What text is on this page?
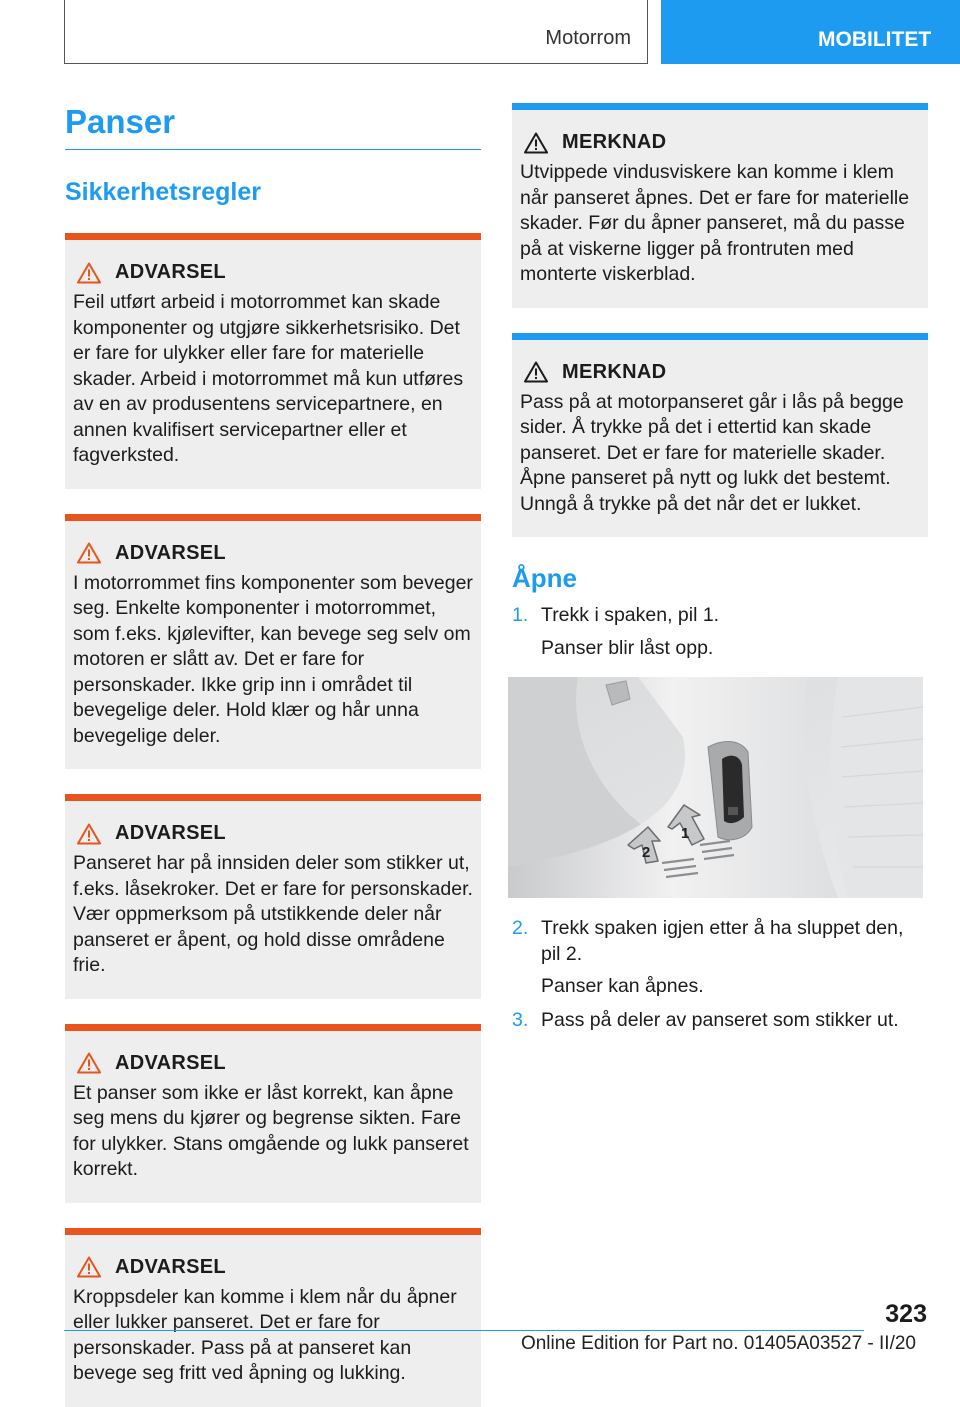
Motorrom	MOBILITET
Panser
Sikkerhetsregler
ADVARSEL
Feil utført arbeid i motorrommet kan skade komponenter og utgjøre sikkerhetsrisiko. Det er fare for ulykker eller fare for materielle skader. Arbeid i motorrommet må kun utføres av en av produsentens servicepartnere, en annen kvalifisert servicepartner eller et fagverksted.
ADVARSEL
I motorrommet fins komponenter som beveger seg. Enkelte komponenter i motorrommet, som f.eks. kjølevifter, kan bevege seg selv om motoren er slått av. Det er fare for personskader. Ikke grip inn i området til bevegelige deler. Hold klær og hår unna bevegelige deler.
ADVARSEL
Panseret har på innsiden deler som stikker ut, f.eks. låsekroker. Det er fare for personskader. Vær oppmerksom på utstikkende deler når panseret er åpent, og hold disse områdene frie.
ADVARSEL
Et panser som ikke er låst korrekt, kan åpne seg mens du kjører og begrense sikten. Fare for ulykker. Stans omgående og lukk panseret korrekt.
ADVARSEL
Kroppsdeler kan komme i klem når du åpner eller lukker panseret. Det er fare for personskader. Pass på at panseret kan bevege seg fritt ved åpning og lukking.
MERKNAD
Utvippede vindusviskere kan komme i klem når panseret åpnes. Det er fare for materielle skader. Før du åpner panseret, må du passe på at viskerne ligger på frontruten med monterte viskerblad.
MERKNAD
Pass på at motorpanseret går i lås på begge sider. Å trykke på det i ettertid kan skade panseret. Det er fare for materielle skader. Åpne panseret på nytt og lukk det bestemt. Unngå å trykke på det når det er lukket.
Åpne
1. Trekk i spaken, pil 1.
Panser blir låst opp.
1
2
2. Trekk spaken igjen etter å ha sluppet den, pil 2.
Panser kan åpnes.
3. Pass på deler av panseret som stikker ut.
323
Online Edition for Part no. 01405A03527 - II/20
